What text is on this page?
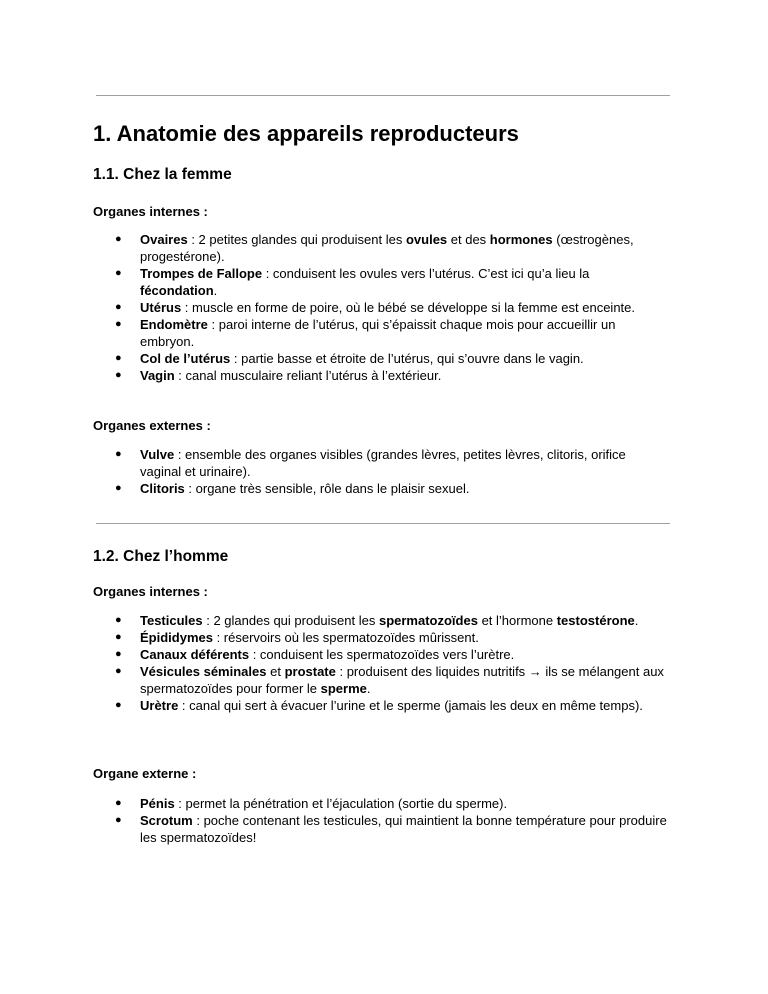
1. Anatomie des appareils reproducteurs
1.1. Chez la femme
Organes internes :
● Ovaires : 2 petites glandes qui produisent les ovules et des hormones (œstrogènes, progestérone).
● Trompes de Fallope : conduisent les ovules vers l’utérus. C’est ici qu’a lieu la fécondation.
● Utérus : muscle en forme de poire, où le bébé se développe si la femme est enceinte.
● Endomètre : paroi interne de l’utérus, qui s’épaissit chaque mois pour accueillir un embryon.
● Col de l’utérus : partie basse et étroite de l’utérus, qui s’ouvre dans le vagin.
● Vagin : canal musculaire reliant l’utérus à l’extérieur.
Organes externes :
● Vulve : ensemble des organes visibles (grandes lèvres, petites lèvres, clitoris, orifice vaginal et urinaire).
● Clitoris : organe très sensible, rôle dans le plaisir sexuel.
1.2. Chez l’homme
Organes internes :
● Testicules : 2 glandes qui produisent les spermatozoïdes et l’hormone testostérone.
● Épididymes : réservoirs où les spermatozoïdes mûrissent.
● Canaux déférents : conduisent les spermatozoïdes vers l’urètre.
● Vésicules séminales et prostate : produisent des liquides nutritifs → ils se mélangent aux spermatozoïdes pour former le sperme.
● Urètre : canal qui sert à évacuer l’urine et le sperme (jamais les deux en même temps).
Organe externe :
● Pénis : permet la pénétration et l’éjaculation (sortie du sperme).
● Scrotum : poche contenant les testicules, qui maintient la bonne température pour produire les spermatozoïdes!
